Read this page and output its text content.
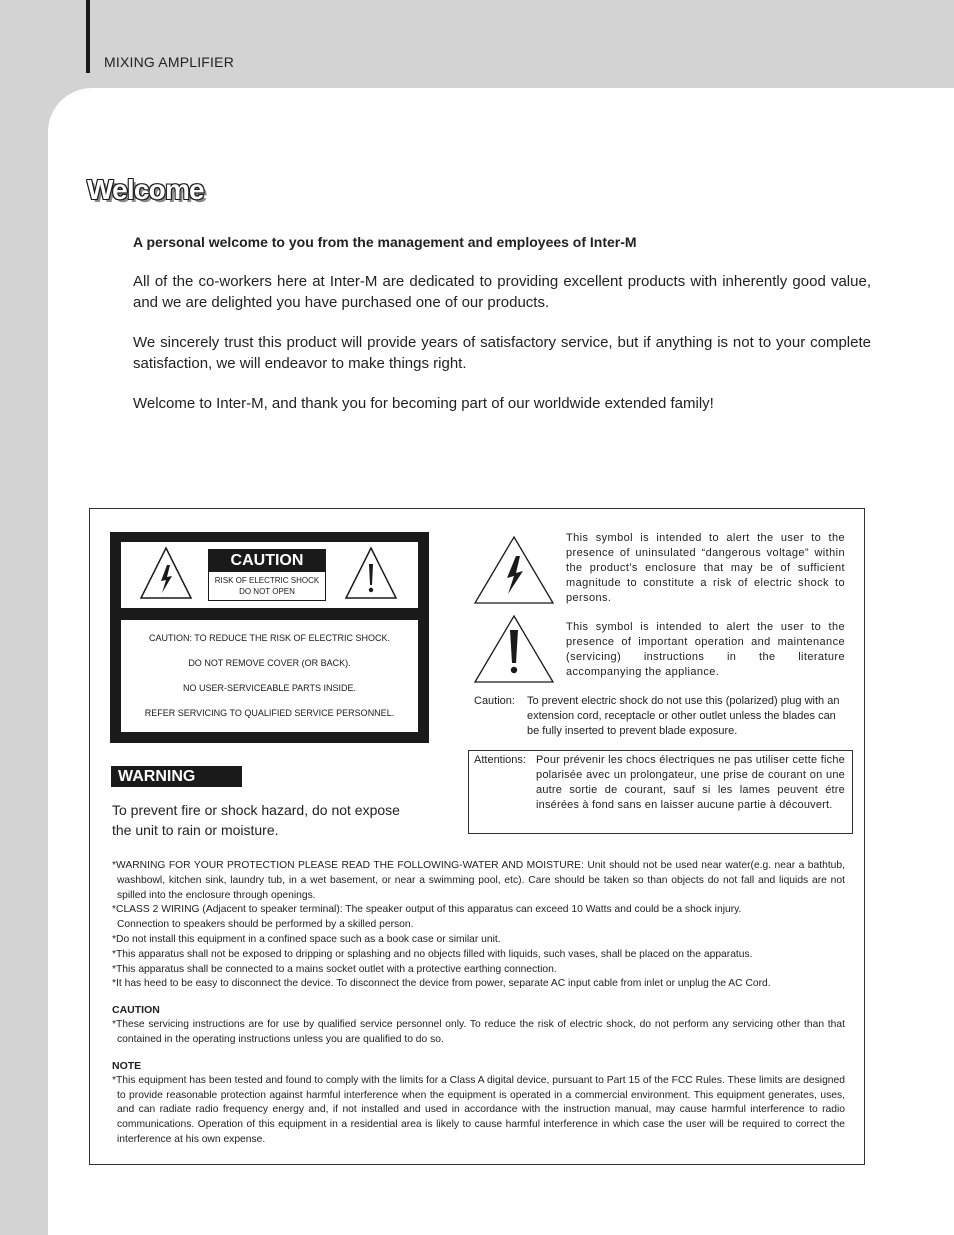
MIXING AMPLIFIER
Welcome

A personal welcome to you from the management and employees of Inter-M

All of the co-workers here at Inter-M are dedicated to providing excellent products with inherently good value, and we are delighted you have purchased one of our products.

We sincerely trust this product will provide years of satisfactory service, but if anything is not to your complete satisfaction, we will endeavor to make things right.

Welcome to Inter-M, and thank you for becoming part of our worldwide extended family!

CAUTION
RISK OF ELECTRIC SHOCK
DO NOT OPEN
CAUTION: TO REDUCE THE RISK OF ELECTRIC SHOCK.
DO NOT REMOVE COVER (OR BACK).
NO USER-SERVICEABLE PARTS INSIDE.
REFER SERVICING TO QUALIFIED SERVICE PERSONNEL.
WARNING
To prevent fire or shock hazard, do not expose the unit to rain or moisture.
This symbol is intended to alert the user to the presence of uninsulated “dangerous voltage” within the product’s enclosure that may be of sufficient magnitude to constitute a risk of electric shock to persons.
This symbol is intended to alert the user to the presence of important operation and maintenance (servicing) instructions in the literature accompanying the appliance.
Caution: To prevent electric shock do not use this (polarized) plug with an extension cord, receptacle or other outlet unless the blades can be fully inserted to prevent blade exposure.
Attentions: Pour prévenir les chocs électriques ne pas utiliser cette fiche polarisée avec un prolongateur, une prise de courant on une autre sortie de courant, sauf si les lames peuvent étre insérées à fond sans en laisser aucune partie à découvert.

*WARNING FOR YOUR PROTECTION PLEASE READ THE FOLLOWING-WATER AND MOISTURE: Unit should not be used near water(e.g. near a bathtub, washbowl, kitchen sink, laundry tub, in a wet basement, or near a swimming pool, etc). Care should be taken so than objects do not fall and liquids are not spilled into the enclosure through openings.

*CLASS 2 WIRING (Adjacent to speaker terminal): The speaker output of this apparatus can exceed 10 Watts and could be a shock injury.

Connection to speakers should be performed by a skilled person.

*Do not install this equipment in a confined space such as a book case or similar unit.

*This apparatus shall not be exposed to dripping or splashing and no objects filled with liquids, such vases, shall be placed on the apparatus.

*This apparatus shall be connected to a mains socket outlet with a protective earthing connection.

*It has heed to be easy to disconnect the device. To disconnect the device from power, separate AC input cable from inlet or unplug the AC Cord.

CAUTION

*These servicing instructions are for use by qualified service personnel only. To reduce the risk of electric shock, do not perform any servicing other than that contained in the operating instructions unless you are qualified to do so.

NOTE

*This equipment has been tested and found to comply with the limits for a Class A digital device, pursuant to Part 15 of the FCC Rules. These limits are designed to provide reasonable protection against harmful interference when the equipment is operated in a commercial environment. This equipment generates, uses, and can radiate radio frequency energy and, if not installed and used in accordance with the instruction manual, may cause harmful interference to radio communications. Operation of this equipment in a residential area is likely to cause harmful interference in which case the user will be required to correct the interference at his own expense.
